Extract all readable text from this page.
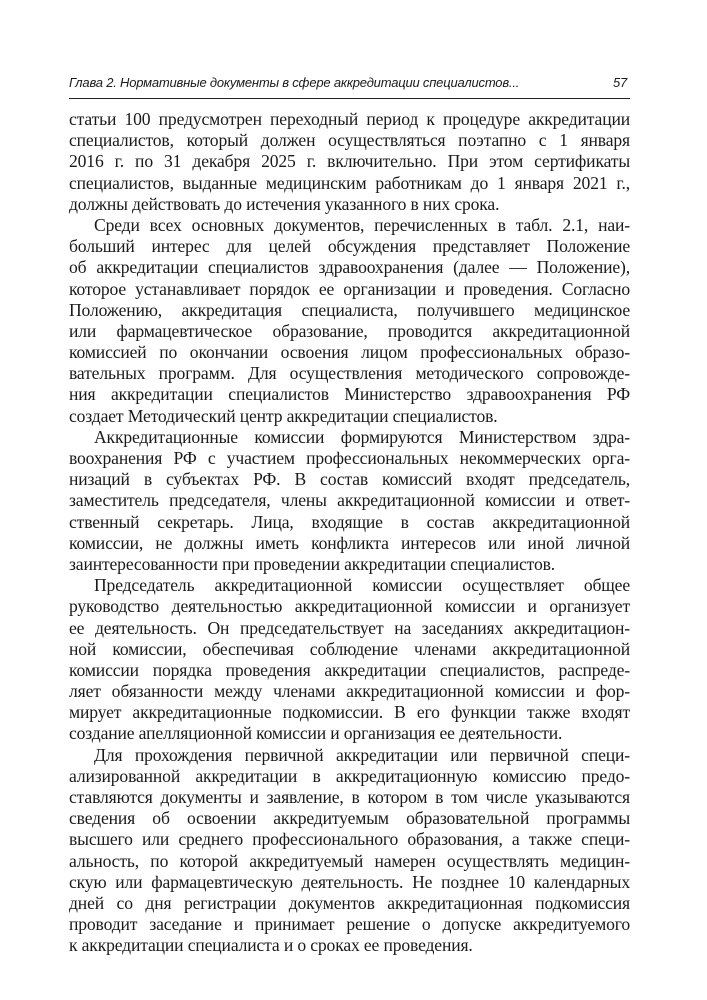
Глава 2. Нормативные документы в сфере аккредитации специалистов...	57
статьи 100 предусмотрен переходный период к процедуре аккредитации
специалистов, который должен осуществляться поэтапно с 1 января
2016 г. по 31 декабря 2025 г. включительно. При этом сертификаты
специалистов, выданные медицинским работникам до 1 января 2021 г.,
должны действовать до истечения указанного в них срока.
Среди всех основных документов, перечисленных в табл. 2.1, наи-
больший интерес для целей обсуждения представляет Положение
об аккредитации специалистов здравоохранения (далее — Положение),
которое устанавливает порядок ее организации и проведения. Согласно
Положению, аккредитация специалиста, получившего медицинское
или фармацевтическое образование, проводится аккредитационной
комиссией по окончании освоения лицом профессиональных образо-
вательных программ. Для осуществления методического сопровожде-
ния аккредитации специалистов Министерство здравоохранения РФ
создает Методический центр аккредитации специалистов.
Аккредитационные комиссии формируются Министерством здра-
воохранения РФ с участием профессиональных некоммерческих орга-
низаций в субъектах РФ. В состав комиссий входят председатель,
заместитель председателя, члены аккредитационной комиссии и ответ-
ственный секретарь. Лица, входящие в состав аккредитационной
комиссии, не должны иметь конфликта интересов или иной личной
заинтересованности при проведении аккредитации специалистов.
Председатель аккредитационной комиссии осуществляет общее
руководство деятельностью аккредитационной комиссии и организует
ее деятельность. Он председательствует на заседаниях аккредитацион-
ной комиссии, обеспечивая соблюдение членами аккредитационной
комиссии порядка проведения аккредитации специалистов, распреде-
ляет обязанности между членами аккредитационной комиссии и фор-
мирует аккредитационные подкомиссии. В его функции также входят
создание апелляционной комиссии и организация ее деятельности.
Для прохождения первичной аккредитации или первичной специ-
ализированной аккредитации в аккредитационную комиссию предо-
ставляются документы и заявление, в котором в том числе указываются
сведения об освоении аккредитуемым образовательной программы
высшего или среднего профессионального образования, а также специ-
альность, по которой аккредитуемый намерен осуществлять медицин-
скую или фармацевтическую деятельность. Не позднее 10 календарных
дней со дня регистрации документов аккредитационная подкомиссия
проводит заседание и принимает решение о допуске аккредитуемого
к аккредитации специалиста и о сроках ее проведения.
